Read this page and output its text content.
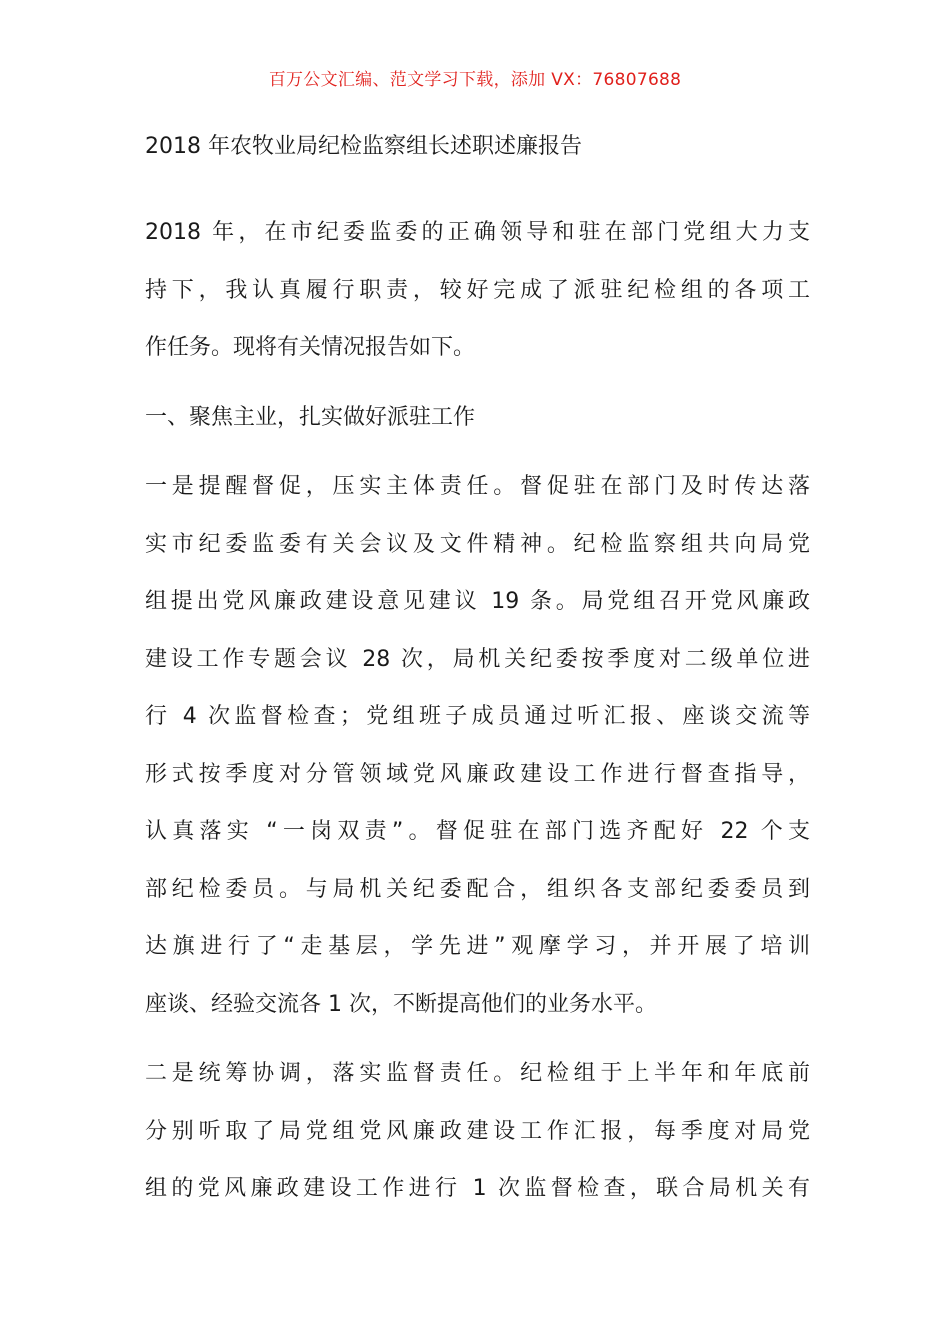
百万公文汇编、范文学习下载，添加 VX：76807688
2018 年农牧业局纪检监察组长述职述廉报告
2018 年，在市纪委监委的正确领导和驻在部门党组大力支
持下，我认真履行职责，较好完成了派驻纪检组的各项工
作任务。现将有关情况报告如下。
一、聚焦主业，扎实做好派驻工作
一是提醒督促，压实主体责任。督促驻在部门及时传达落
实市纪委监委有关会议及文件精神。纪检监察组共向局党
组提出党风廉政建设意见建议 19 条。局党组召开党风廉政
建设工作专题会议 28 次，局机关纪委按季度对二级单位进
行 4 次监督检查；党组班子成员通过听汇报、座谈交流等
形式按季度对分管领域党风廉政建设工作进行督查指导，
认真落实 “一岗双责”。督促驻在部门选齐配好 22 个支
部纪检委员。与局机关纪委配合，组织各支部纪委委员到
达旗进行了“走基层，学先进”观摩学习，并开展了培训
座谈、经验交流各 1 次，不断提高他们的业务水平。
二是统筹协调，落实监督责任。纪检组于上半年和年底前
分别听取了局党组党风廉政建设工作汇报，每季度对局党
组的党风廉政建设工作进行 1 次监督检查，联合局机关有
